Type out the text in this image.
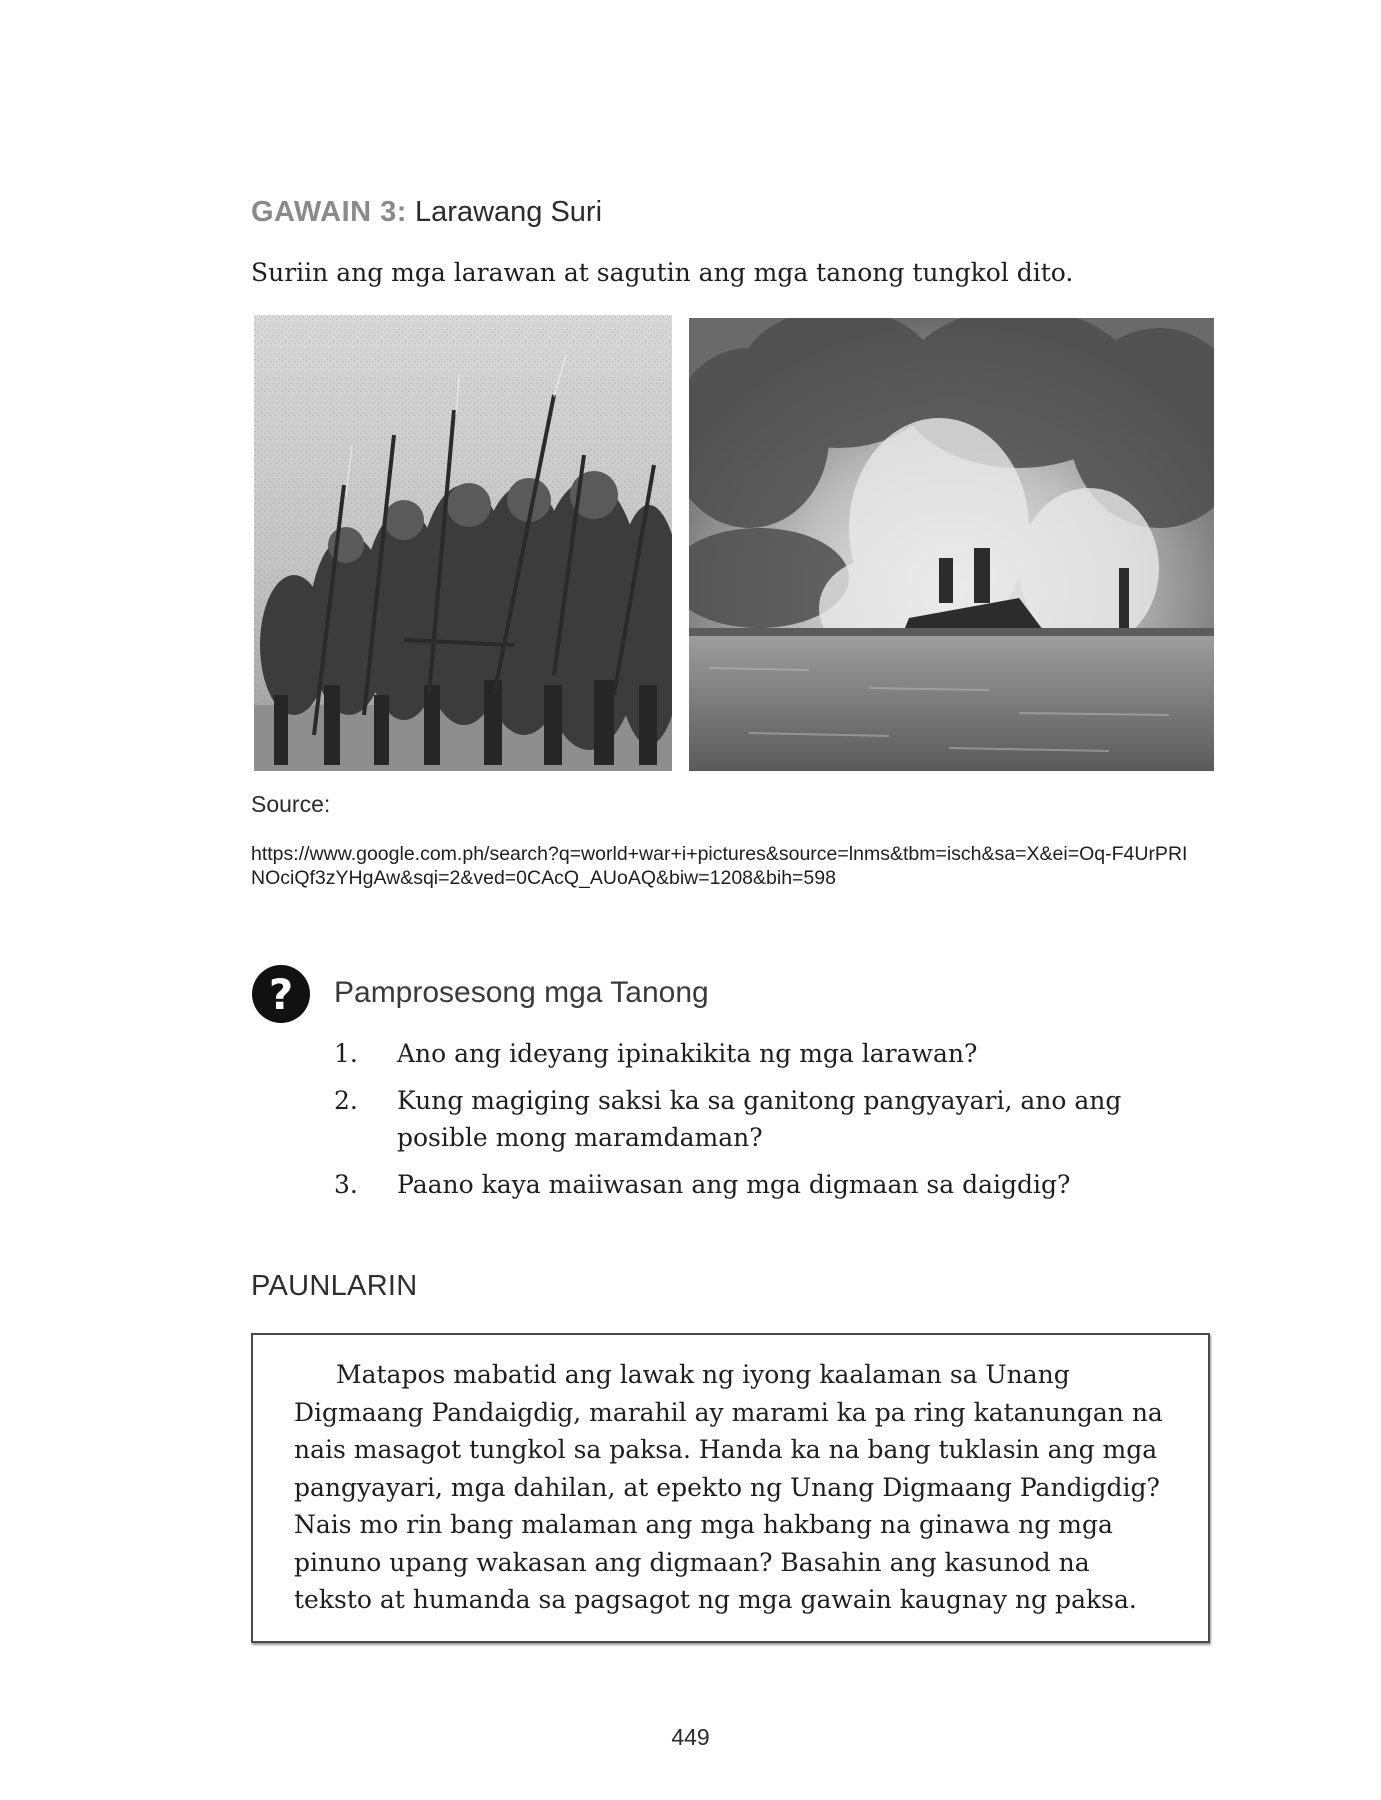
GAWAIN 3: Larawang Suri
Suriin ang mga larawan at sagutin ang mga tanong tungkol dito.
Source:
https://www.google.com.ph/search?q=world+war+i+pictures&source=lnms&tbm=isch&sa=X&ei=Oq-F4UrPRINOciQf3zYHgAw&sqi=2&ved=0CAcQ_AUoAQ&biw=1208&bih=598
? Pamprosesong mga Tanong
1. Ano ang ideyang ipinakikita ng mga larawan?
2. Kung magiging saksi ka sa ganitong pangyayari, ano ang posible mong maramdaman?
3. Paano kaya maiiwasan ang mga digmaan sa daigdig?
PAUNLARIN

Matapos mabatid ang lawak ng iyong kaalaman sa Unang Digmaang Pandaigdig, marahil ay marami ka pa ring katanungan na nais masagot tungkol sa paksa. Handa ka na bang tuklasin ang mga pangyayari, mga dahilan, at epekto ng Unang Digmaang Pandigdig? Nais mo rin bang malaman ang mga hakbang na ginawa ng mga pinuno upang wakasan ang digmaan? Basahin ang kasunod na teksto at humanda sa pagsagot ng mga gawain kaugnay ng paksa.

449
